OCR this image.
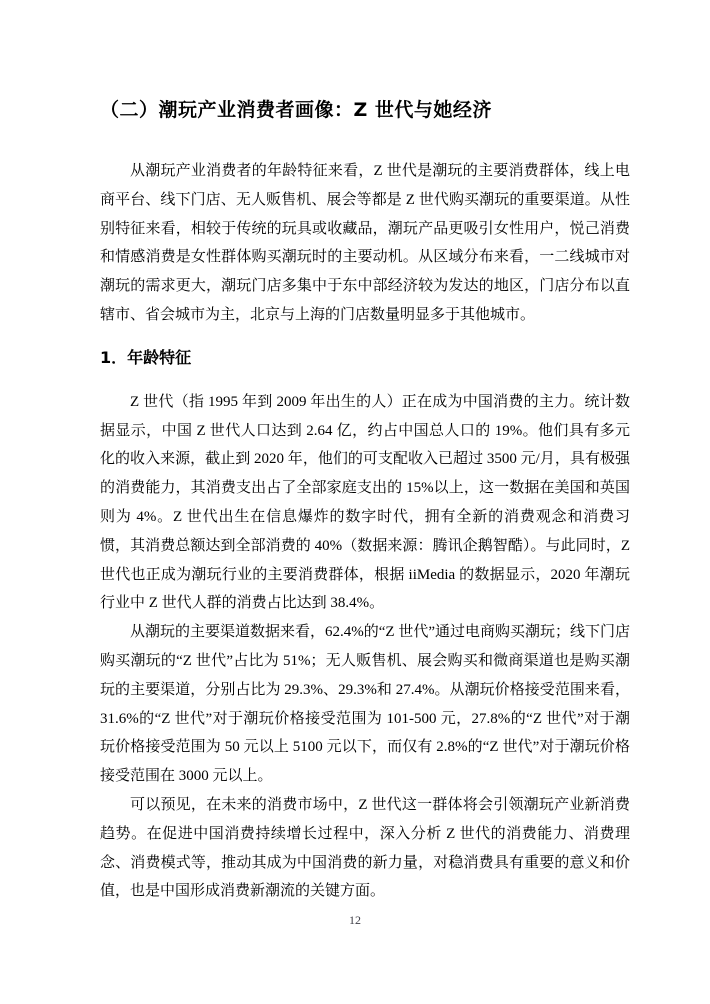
（二）潮玩产业消费者画像：Z 世代与她经济

从潮玩产业消费者的年龄特征来看，Z 世代是潮玩的主要消费群体，线上电商平台、线下门店、无人贩售机、展会等都是 Z 世代购买潮玩的重要渠道。从性别特征来看，相较于传统的玩具或收藏品，潮玩产品更吸引女性用户，悦己消费和情感消费是女性群体购买潮玩时的主要动机。从区域分布来看，一二线城市对潮玩的需求更大，潮玩门店多集中于东中部经济较为发达的地区，门店分布以直辖市、省会城市为主，北京与上海的门店数量明显多于其他城市。

1．年龄特征

Z 世代（指 1995 年到 2009 年出生的人）正在成为中国消费的主力。统计数据显示，中国 Z 世代人口达到 2.64 亿，约占中国总人口的 19%。他们具有多元化的收入来源，截止到 2020 年，他们的可支配收入已超过 3500 元/月，具有极强的消费能力，其消费支出占了全部家庭支出的 15%以上，这一数据在美国和英国则为 4%。Z 世代出生在信息爆炸的数字时代，拥有全新的消费观念和消费习惯，其消费总额达到全部消费的 40%（数据来源：腾讯企鹅智酷）。与此同时，Z 世代也正成为潮玩行业的主要消费群体，根据 iiMedia 的数据显示，2020 年潮玩行业中 Z 世代人群的消费占比达到 38.4%。

从潮玩的主要渠道数据来看，62.4%的“Z 世代”通过电商购买潮玩；线下门店购买潮玩的“Z 世代”占比为 51%；无人贩售机、展会购买和微商渠道也是购买潮玩的主要渠道，分别占比为 29.3%、29.3%和 27.4%。从潮玩价格接受范围来看，31.6%的“Z 世代”对于潮玩价格接受范围为 101-500 元，27.8%的“Z 世代”对于潮玩价格接受范围为 50 元以上 5100 元以下，而仅有 2.8%的“Z 世代”对于潮玩价格接受范围在 3000 元以上。

可以预见，在未来的消费市场中，Z 世代这一群体将会引领潮玩产业新消费趋势。在促进中国消费持续增长过程中，深入分析 Z 世代的消费能力、消费理念、消费模式等，推动其成为中国消费的新力量，对稳消费具有重要的意义和价值，也是中国形成消费新潮流的关键方面。

12
